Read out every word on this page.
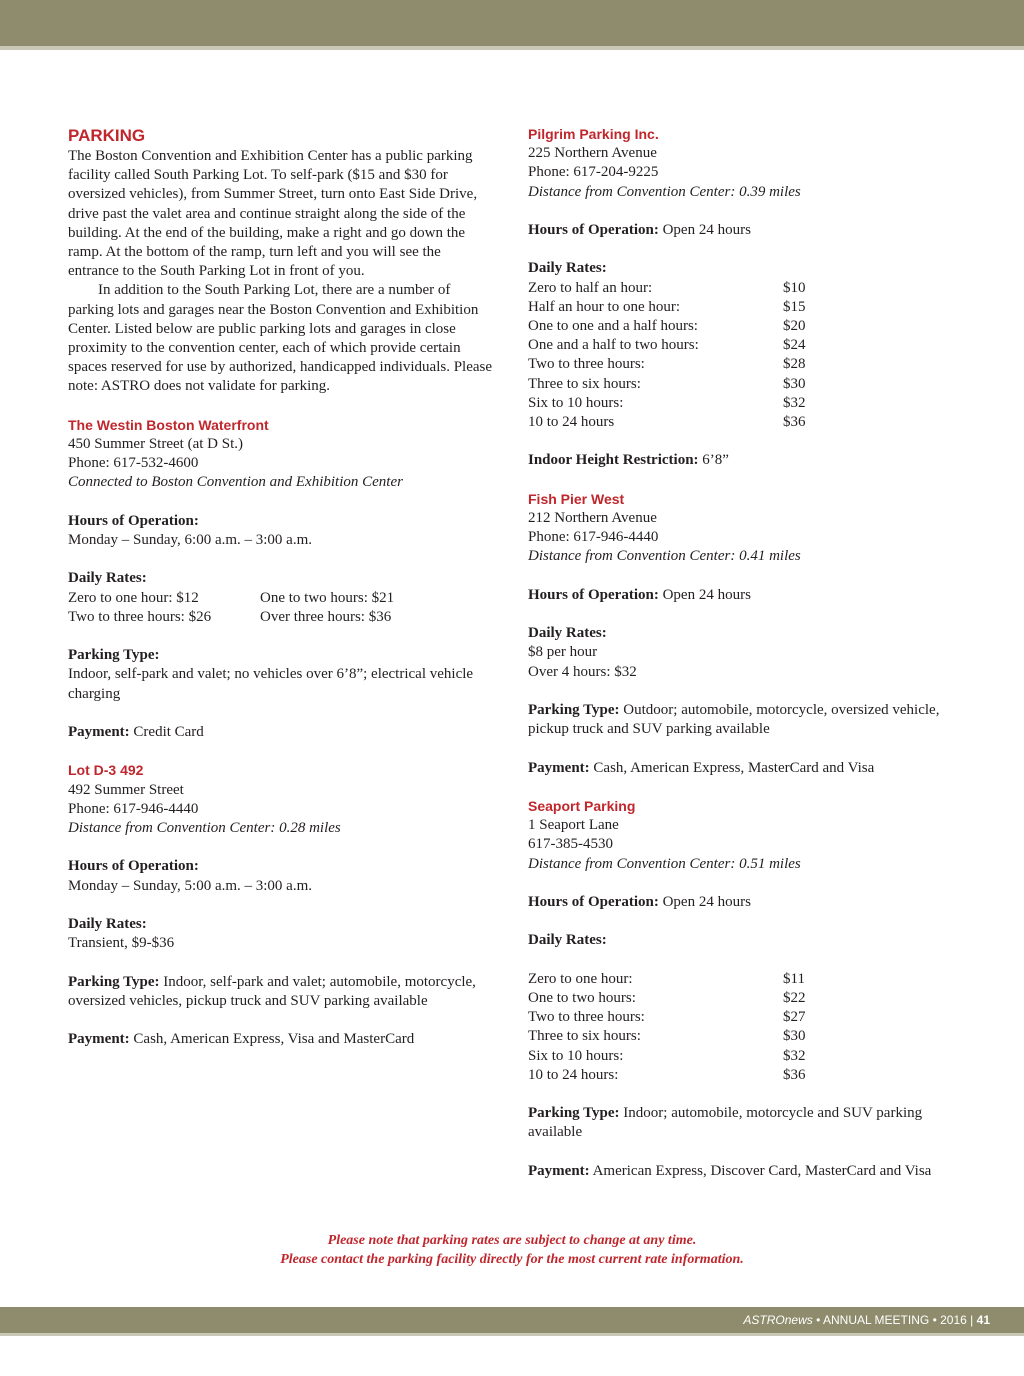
PARKING

The Boston Convention and Exhibition Center has a public parking facility called South Parking Lot. To self-park ($15 and $30 for oversized vehicles), from Summer Street, turn onto East Side Drive, drive past the valet area and continue straight along the side of the building. At the end of the building, make a right and go down the ramp. At the bottom of the ramp, turn left and you will see the entrance to the South Parking Lot in front of you.

In addition to the South Parking Lot, there are a number of parking lots and garages near the Boston Convention and Exhibition Center. Listed below are public parking lots and garages in close proximity to the convention center, each of which provide certain spaces reserved for use by authorized, handicapped individuals. Please note: ASTRO does not validate for parking.

The Westin Boston Waterfront

450 Summer Street (at D St.)

Phone: 617-532-4600

Connected to Boston Convention and Exhibition Center

Hours of Operation:

Monday – Sunday, 6:00 a.m. – 3:00 a.m.

Daily Rates:

Zero to one hour: $12	One to two hours: $21
Two to three hours: $26	Over three hours: $36

Parking Type:

Indoor, self-park and valet; no vehicles over 6’8”; electrical vehicle charging

Payment: Credit Card

Lot D-3 492

492 Summer Street

Phone: 617-946-4440

Distance from Convention Center: 0.28 miles

Hours of Operation:

Monday – Sunday, 5:00 a.m. – 3:00 a.m.

Daily Rates:

Transient, $9-$36

Parking Type: Indoor, self-park and valet; automobile, motorcycle, oversized vehicles, pickup truck and SUV parking available

Payment: Cash, American Express, Visa and MasterCard

Pilgrim Parking Inc.

225 Northern Avenue

Phone: 617-204-9225

Distance from Convention Center: 0.39 miles

Hours of Operation: Open 24 hours

Daily Rates:

Zero to half an hour:	$10
Half an hour to one hour:	$15
One to one and a half hours:	$20
One and a half to two hours:	$24
Two to three hours:	$28
Three to six hours:	$30
Six to 10 hours:	$32
10 to 24 hours	$36

Indoor Height Restriction: 6’8”

Fish Pier West

212 Northern Avenue

Phone: 617-946-4440

Distance from Convention Center: 0.41 miles

Hours of Operation: Open 24 hours

Daily Rates:

$8 per hour

Over 4 hours: $32

Parking Type: Outdoor; automobile, motorcycle, oversized vehicle, pickup truck and SUV parking available

Payment: Cash, American Express, MasterCard and Visa

Seaport Parking

1 Seaport Lane

617-385-4530

Distance from Convention Center: 0.51 miles

Hours of Operation: Open 24 hours

Daily Rates:

Zero to one hour:	$11
One to two hours:	$22
Two to three hours:	$27
Three to six hours:	$30
Six to 10 hours:	$32
10 to 24 hours:	$36

Parking Type: Indoor; automobile, motorcycle and SUV parking available

Payment: American Express, Discover Card, MasterCard and Visa

Please note that parking rates are subject to change at any time.

Please contact the parking facility directly for the most current rate information.

ASTROnews • ANNUAL MEETING • 2016 | 41
